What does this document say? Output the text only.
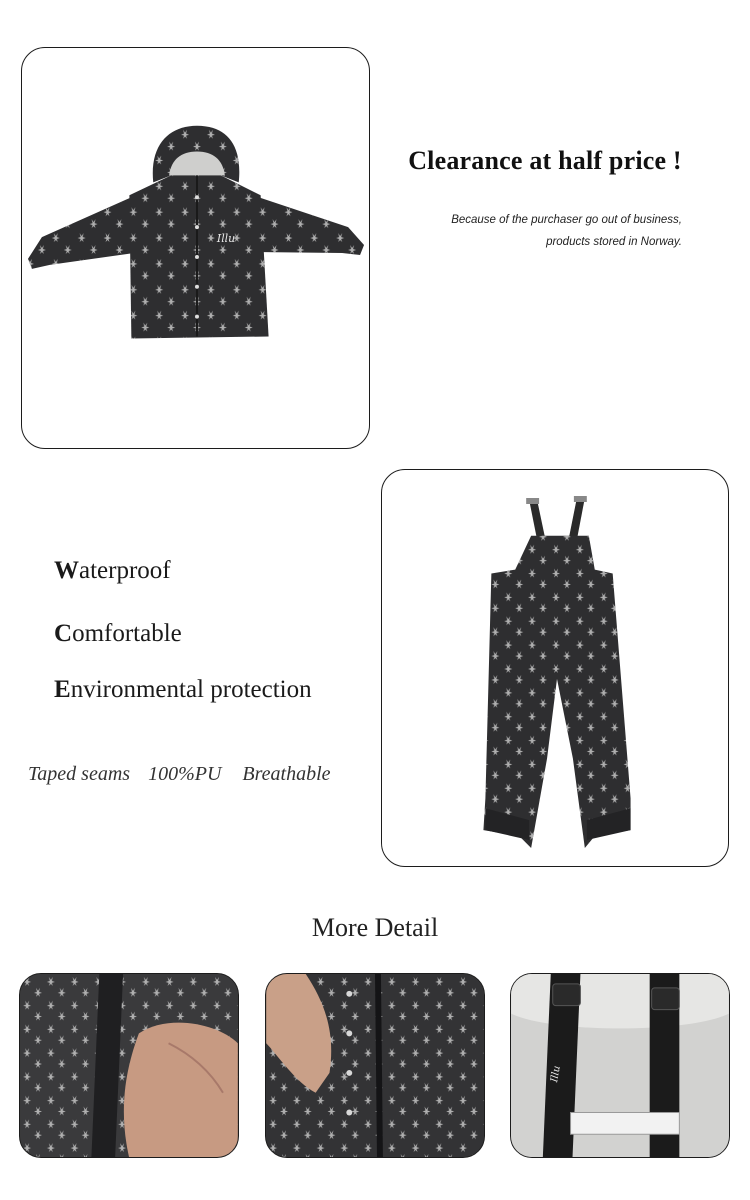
Illu
Clearance at half price !
Because of the purchaser go out of business,
products stored in Norway.
Waterproof
Comfortable
Environmental protection
Taped seams 100%PU Breathable
More Detail
Illu
